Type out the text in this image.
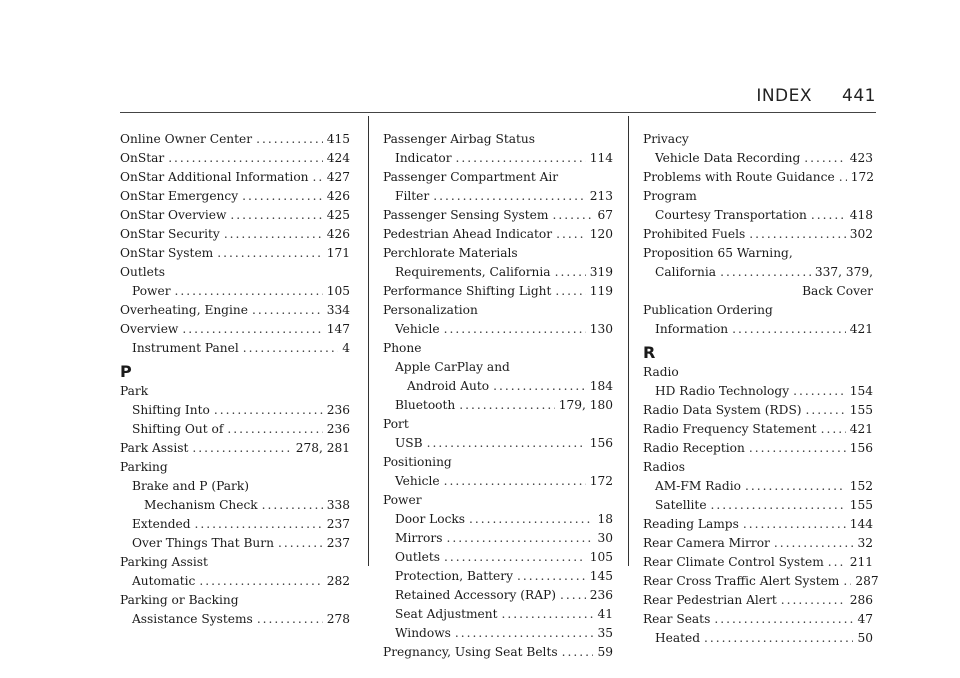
INDEX 441
Online Owner Center .....	415
OnStar .....	424
OnStar Additional Information ..... 427
OnStar Emergency .....	426
OnStar Overview .....	425
OnStar Security .....	426
OnStar System .....	171
Outlets
Power .....	105
Overheating, Engine .....	334
Overview .....	147
Instrument Panel .....	4
P
Park
Shifting Into .....	236
Shifting Out of .....	236
Park Assist .....	278, 281
Parking
Brake and P (Park)
Mechanism Check .....	338
Extended .....	237
Over Things That Burn .....	237
Parking Assist
Automatic .....	282
Parking or Backing
Assistance Systems .....	278
Passenger Airbag Status
Indicator .....	114
Passenger Compartment Air
Filter .....	213
Passenger Sensing System .....	67
Pedestrian Ahead Indicator .....	120
Perchlorate Materials
Requirements, California .....	319
Performance Shifting Light .....	119
Personalization
Vehicle .....	130
Phone
Apple CarPlay and
Android Auto .....	184
Bluetooth .....	179, 180
Port
USB .....	156
Positioning
Vehicle .....	172
Power
Door Locks .....	18
Mirrors .....	30
Outlets .....	105
Protection, Battery .....	145
Retained Accessory (RAP) .....	236
Seat Adjustment .....	41
Windows .....	35
Pregnancy, Using Seat Belts .....	59
Privacy
Vehicle Data Recording .....	423
Problems with Route Guidance ..... 172
Program
Courtesy Transportation .....	418
Prohibited Fuels .....	302
Proposition 65 Warning,
California .....	337, 379,
Back Cover
Publication Ordering
Information .....	421
R
Radio
HD Radio Technology .....	154
Radio Data System (RDS) .....	155
Radio Frequency Statement .....	421
Radio Reception .....	156
Radios
AM-FM Radio .....	152
Satellite .....	155
Reading Lamps .....	144
Rear Camera Mirror .....	32
Rear Climate Control System ..... 211
Rear Cross Traffic Alert System ..... 287
Rear Pedestrian Alert .....	286
Rear Seats .....	47
Heated .....	50
